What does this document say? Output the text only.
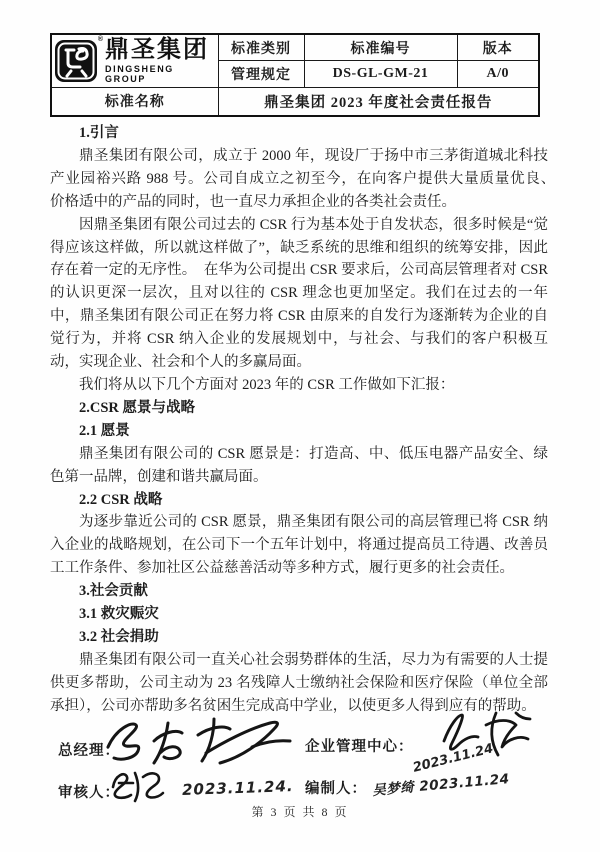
® 鼎圣集团
DINGSHENG GROUP	标准类别	标准编号	版本
	管理规定	DS-GL-GM-21	A/0
标准名称	鼎圣集团 2023 年度社会责任报告		
1.引言
鼎圣集团有限公司，成立于 2000 年，现设厂于扬中市三茅街道城北科技产业园裕兴路 988 号。公司自成立之初至今，在向客户提供大量质量优良、　价格适中的产品的同时，也一直尽力承担企业的各类社会责任。
因鼎圣集团有限公司过去的 CSR 行为基本处于自发状态，很多时候是“觉得应该这样做，所以就这样做了”，缺乏系统的思维和组织的统筹安排，因此存在着一定的无序性。　在华为公司提出 CSR 要求后，公司高层管理者对 CSR 的认识更深一层次，且对以往的 CSR 理念也更加坚定。我们在过去的一年中，鼎圣集团有限公司正在努力将 CSR 由原来的自发行为逐渐转为企业的自觉行为，并将 CSR 纳入企业的发展规划中，与社会、与我们的客户积极互动，实现企业、社会和个人的多赢局面。
我们将从以下几个方面对 2023 年的 CSR 工作做如下汇报：
2.CSR 愿景与战略
2.1 愿景
鼎圣集团有限公司的 CSR 愿景是：打造高、中、低压电器产品安全、绿色第一品牌，创建和谐共赢局面。
2.2 CSR 战略
为逐步靠近公司的 CSR 愿景，鼎圣集团有限公司的高层管理已将 CSR 纳入企业的战略规划，在公司下一个五年计划中，将通过提高员工待遇、改善员工工作条件、参加社区公益慈善活动等多种方式，履行更多的社会责任。
3.社会贡献
3.1 救灾赈灾
3.2 社会捐助
鼎圣集团有限公司一直关心社会弱势群体的生活，尽力为有需要的人士提供更多帮助，公司主动为 23 名残障人士缴纳社会保险和医疗保险（单位全部承担），公司亦帮助多名贫困生完成高中学业，以使更多人得到应有的帮助。
总经理：
审核人：	2023.11.24.
企业管理中心：
2023.11.24
编制人： 吴梦绮 2023.11.24
第 3 页 共 8 页
